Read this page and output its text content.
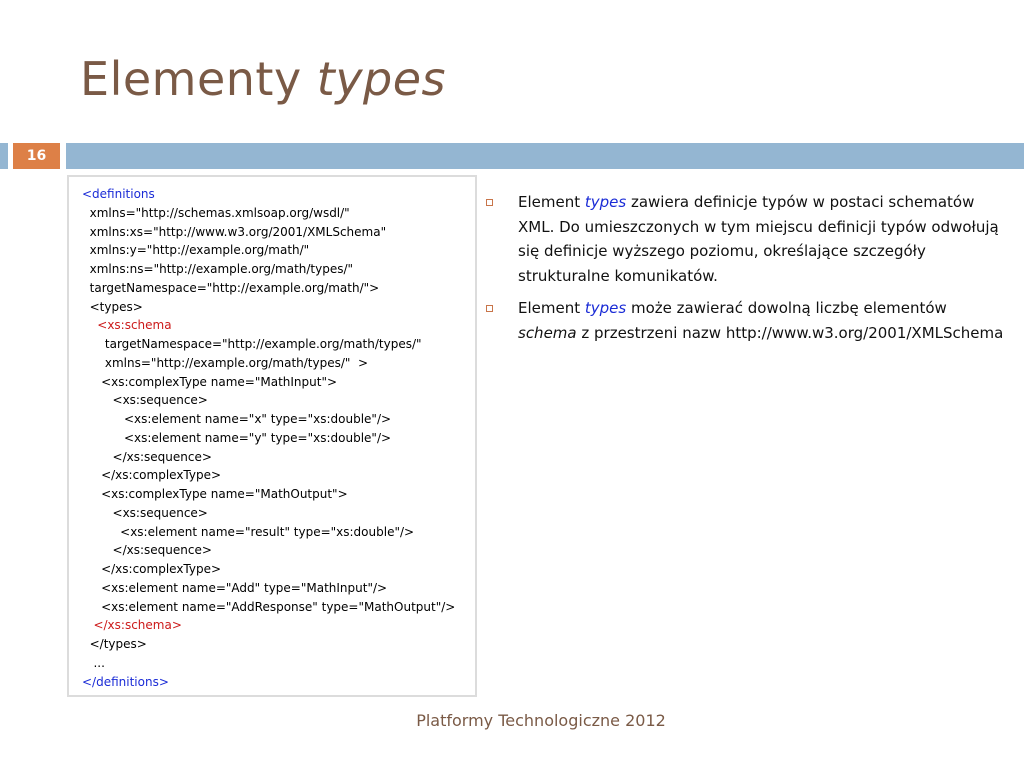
Elementy types
16
<definitions
xmlns="http://schemas.xmlsoap.org/wsdl/"
xmlns:xs="http://www.w3.org/2001/XMLSchema"
xmlns:y="http://example.org/math/"
xmlns:ns="http://example.org/math/types/"
targetNamespace="http://example.org/math/">
<types>
<xs:schema
targetNamespace="http://example.org/math/types/"
xmlns="http://example.org/math/types/"  >
<xs:complexType name="MathInput">
<xs:sequence>
<xs:element name="x" type="xs:double"/>
<xs:element name="y" type="xs:double"/>
</xs:sequence>
</xs:complexType>
<xs:complexType name="MathOutput">
<xs:sequence>
<xs:element name="result" type="xs:double"/>
</xs:sequence>
</xs:complexType>
<xs:element name="Add" type="MathInput"/>
<xs:element name="AddResponse" type="MathOutput"/>
</xs:schema>
</types>
...
</definitions>
Element types zawiera definicje typów w postaci schematów XML. Do umieszczonych w tym miejscu definicji typów odwołują się definicje wyższego poziomu, określające szczegóły strukturalne komunikatów.
Element types może zawierać dowolną liczbę elementów schema z przestrzeni nazw http://www.w3.org/2001/XMLSchema
Platformy Technologiczne 2012
